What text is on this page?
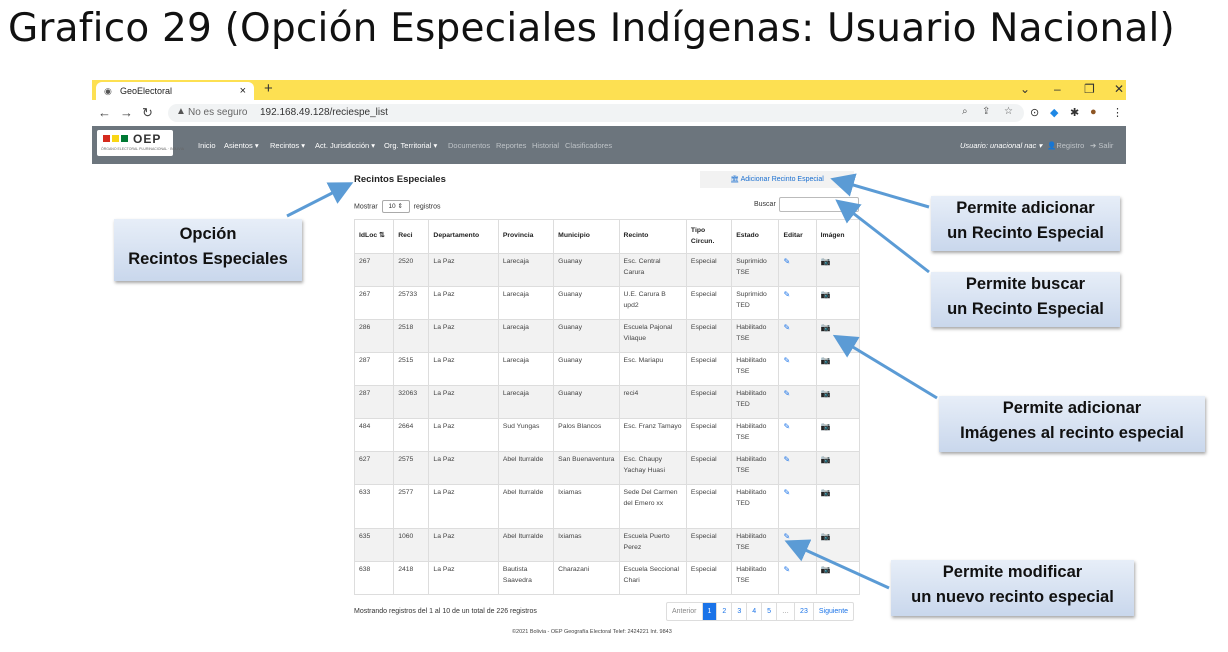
Grafico 29 (Opción Especiales Indígenas: Usuario Nacional)
◉ GeoElectoral	× +	⌄ – ❐ ✕
← → ↻ ▲ No es seguro 192.168.49.128/reciespe_list	⌕ ⇪ ☆ ⊙ ◆ ✱ ● ⋮
OEP
ÓRGANO ELECTORAL PLURINACIONAL · BOLIVIA Inicio Asientos ▾ Recintos ▾ Act. Jurisdicción ▾ Org. Territorial ▾ Documentos Reportes Historial Clasificadores	Usuario: unacional nac ▾ 👤Registro ➔ Salir
Recintos Especiales	🏛 Adicionar Recinto Especial
Mostrar 10 ⇕ registros	Buscar
IdLoc ⇅	Reci	Departamento	Provincia	Municipio	Recinto	Tipo Circun.	Estado	Editar	Imágen
267	2520	La Paz	Larecaja	Guanay	Esc. Central Carura	Especial	Suprimido TSE	✎	📷
267	25733	La Paz	Larecaja	Guanay	U.E. Carura B upd2	Especial	Suprimido TED	✎	📷
286	2518	La Paz	Larecaja	Guanay	Escuela Pajonal Vilaque	Especial	Habilitado TSE	✎	📷
287	2515	La Paz	Larecaja	Guanay	Esc. Mariapu	Especial	Habilitado TSE	✎	📷
287	32063	La Paz	Larecaja	Guanay	reci4	Especial	Habilitado TED	✎	📷
484	2664	La Paz	Sud Yungas	Palos Blancos	Esc. Franz Tamayo	Especial	Habilitado TSE	✎	📷
627	2575	La Paz	Abel Iturralde	San Buenaventura	Esc. Chaupy Yachay Huasi	Especial	Habilitado TSE	✎	📷
633	2577	La Paz	Abel Iturralde	Ixiamas	Sede Del Carmen del Emero xx	Especial	Habilitado TED	✎	📷
635	1060	La Paz	Abel Iturralde	Ixiamas	Escuela Puerto Perez	Especial	Habilitado TSE	✎	📷
638	2418	La Paz	Bautista Saavedra	Charazani	Escuela Seccional Chari	Especial	Habilitado TSE	✎	📷
Mostrando registros del 1 al 10 de un total de 226 registros	Anterior	1	2	3	4	5	…	23	Siguiente
©2021 Bolivia - OEP Geografía Electoral Telef: 2424221 Int. 9843
Opción
Recintos Especiales
Permite adicionar
un Recinto Especial
Permite buscar
un Recinto Especial
Permite adicionar
Imágenes al recinto especial
Permite modificar
un nuevo recinto especial
